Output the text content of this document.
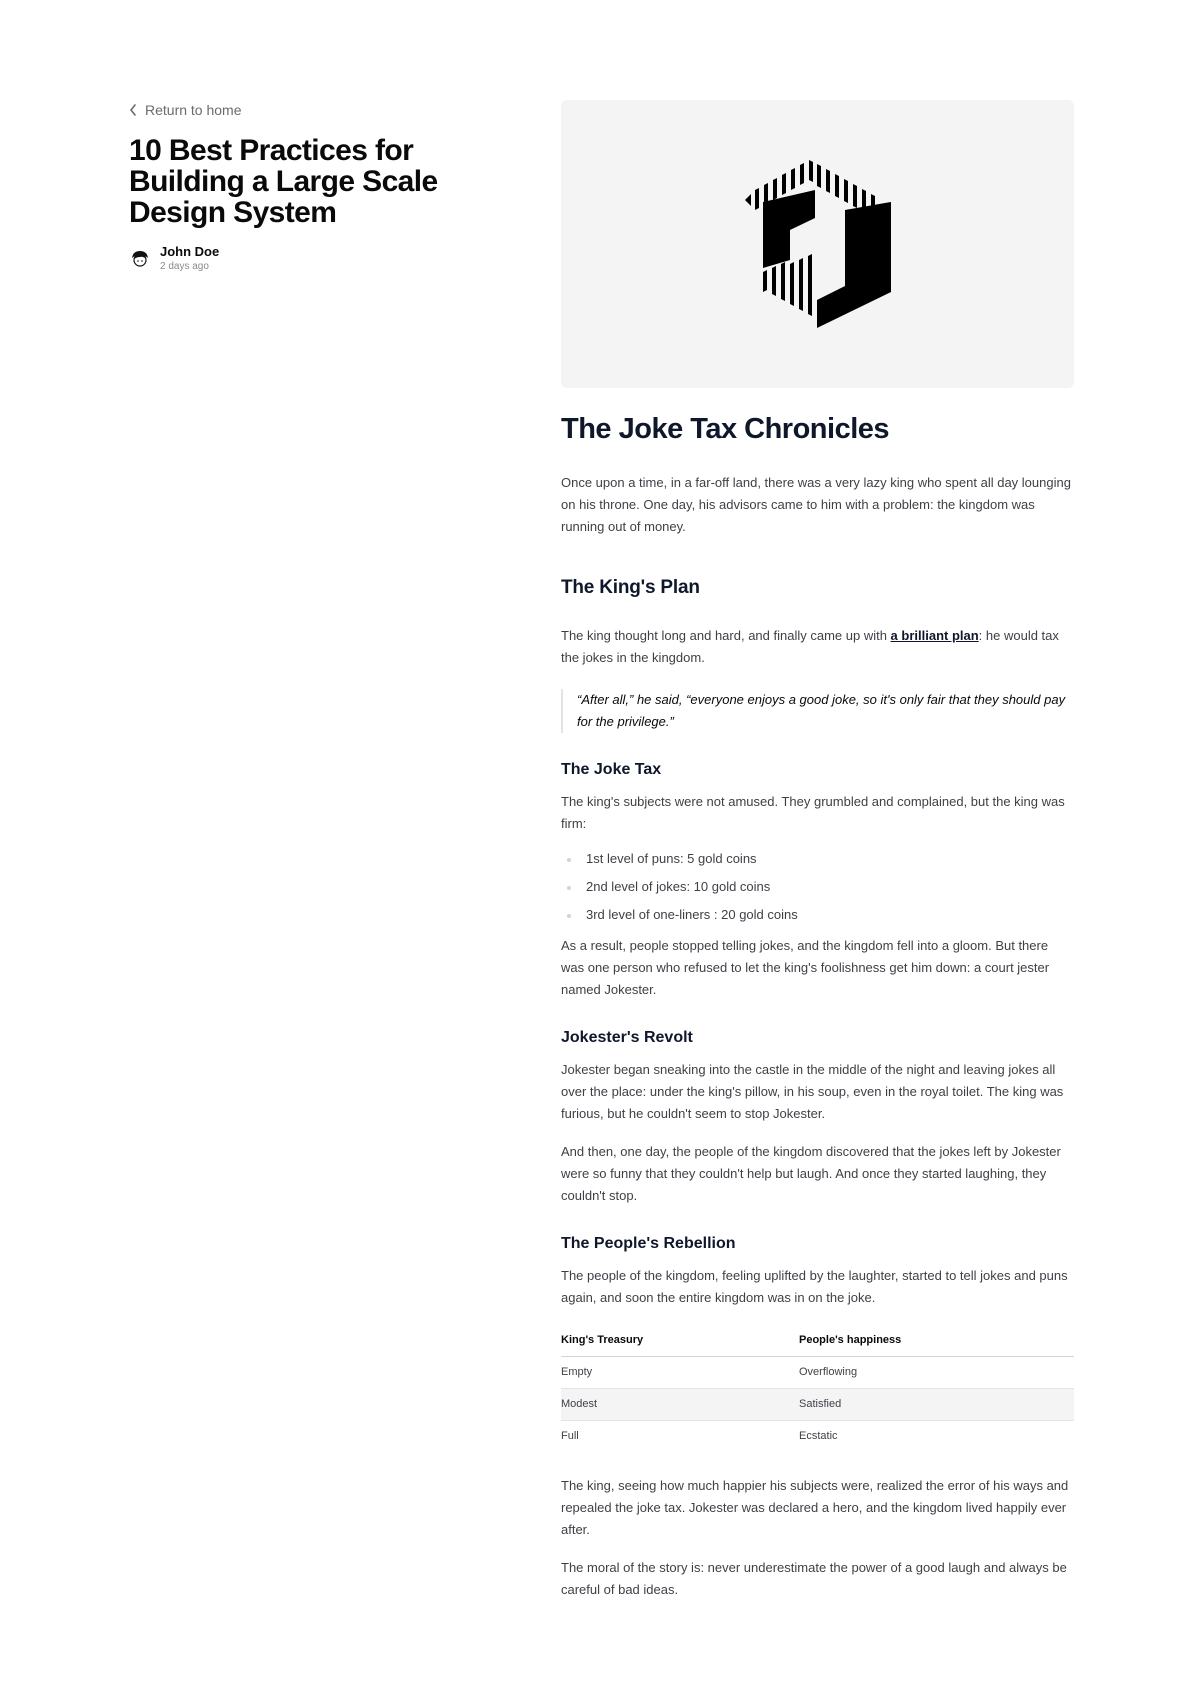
Return to home
10 Best Practices for Building a Large Scale Design System
John Doe
2 days ago
The Joke Tax Chronicles

Once upon a time, in a far-off land, there was a very lazy king who spent all day lounging on his throne. One day, his advisors came to him with a problem: the kingdom was running out of money.

The King's Plan

The king thought long and hard, and finally came up with a brilliant plan: he would tax the jokes in the kingdom.

“After all,” he said, “everyone enjoys a good joke, so it's only fair that they should pay for the privilege.”
The Joke Tax

The king's subjects were not amused. They grumbled and complained, but the king was firm:

1st level of puns: 5 gold coins
2nd level of jokes: 10 gold coins
3rd level of one-liners : 20 gold coins

As a result, people stopped telling jokes, and the kingdom fell into a gloom. But there was one person who refused to let the king's foolishness get him down: a court jester named Jokester.

Jokester's Revolt

Jokester began sneaking into the castle in the middle of the night and leaving jokes all over the place: under the king's pillow, in his soup, even in the royal toilet. The king was furious, but he couldn't seem to stop Jokester.

And then, one day, the people of the kingdom discovered that the jokes left by Jokester were so funny that they couldn't help but laugh. And once they started laughing, they couldn't stop.

The People's Rebellion

The people of the kingdom, feeling uplifted by the laughter, started to tell jokes and puns again, and soon the entire kingdom was in on the joke.

King's Treasury	People's happiness
Empty	Overflowing
Modest	Satisfied
Full	Ecstatic

The king, seeing how much happier his subjects were, realized the error of his ways and repealed the joke tax. Jokester was declared a hero, and the kingdom lived happily ever after.

The moral of the story is: never underestimate the power of a good laugh and always be careful of bad ideas.
